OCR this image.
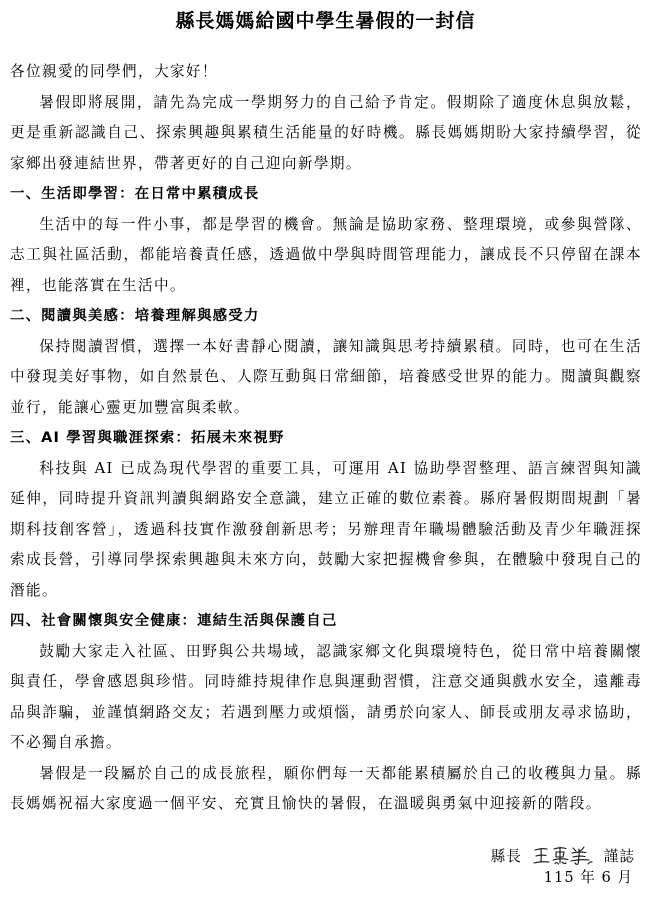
縣長媽媽給國中學生暑假的一封信

各位親愛的同學們，大家好！

暑假即將展開，請先為完成一學期努力的自己給予肯定。假期除了適度休息與放鬆，更是重新認識自己、探索興趣與累積生活能量的好時機。縣長媽媽期盼大家持續學習，從家鄉出發連結世界，帶著更好的自己迎向新學期。

一、生活即學習：在日常中累積成長

生活中的每一件小事，都是學習的機會。無論是協助家務、整理環境，或參與營隊、志工與社區活動，都能培養責任感，透過做中學與時間管理能力，讓成長不只停留在課本裡，也能落實在生活中。

二、閱讀與美感：培養理解與感受力

保持閱讀習慣，選擇一本好書靜心閱讀，讓知識與思考持續累積。同時，也可在生活中發現美好事物，如自然景色、人際互動與日常細節，培養感受世界的能力。閱讀與觀察並行，能讓心靈更加豐富與柔軟。

三、AI 學習與職涯探索：拓展未來視野

科技與 AI 已成為現代學習的重要工具，可運用 AI 協助學習整理、語言練習與知識延伸，同時提升資訊判讀與網路安全意識，建立正確的數位素養。縣府暑假期間規劃「暑期科技創客營」，透過科技實作激發創新思考；另辦理青年職場體驗活動及青少年職涯探索成長營，引導同學探索興趣與未來方向，鼓勵大家把握機會參與，在體驗中發現自己的潛能。

四、社會關懷與安全健康：連結生活與保護自己

鼓勵大家走入社區、田野與公共場域，認識家鄉文化與環境特色，從日常中培養關懷與責任，學會感恩與珍惜。同時維持規律作息與運動習慣，注意交通與戲水安全，遠離毒品與詐騙，並謹慎網路交友；若遇到壓力或煩惱，請勇於向家人、師長或朋友尋求協助，不必獨自承擔。

暑假是一段屬於自己的成長旅程，願你們每一天都能累積屬於自己的收穫與力量。縣長媽媽祝福大家度過一個平安、充實且愉快的暑假，在溫暖與勇氣中迎接新的階段。

縣長	謹誌
115 年 6 月
